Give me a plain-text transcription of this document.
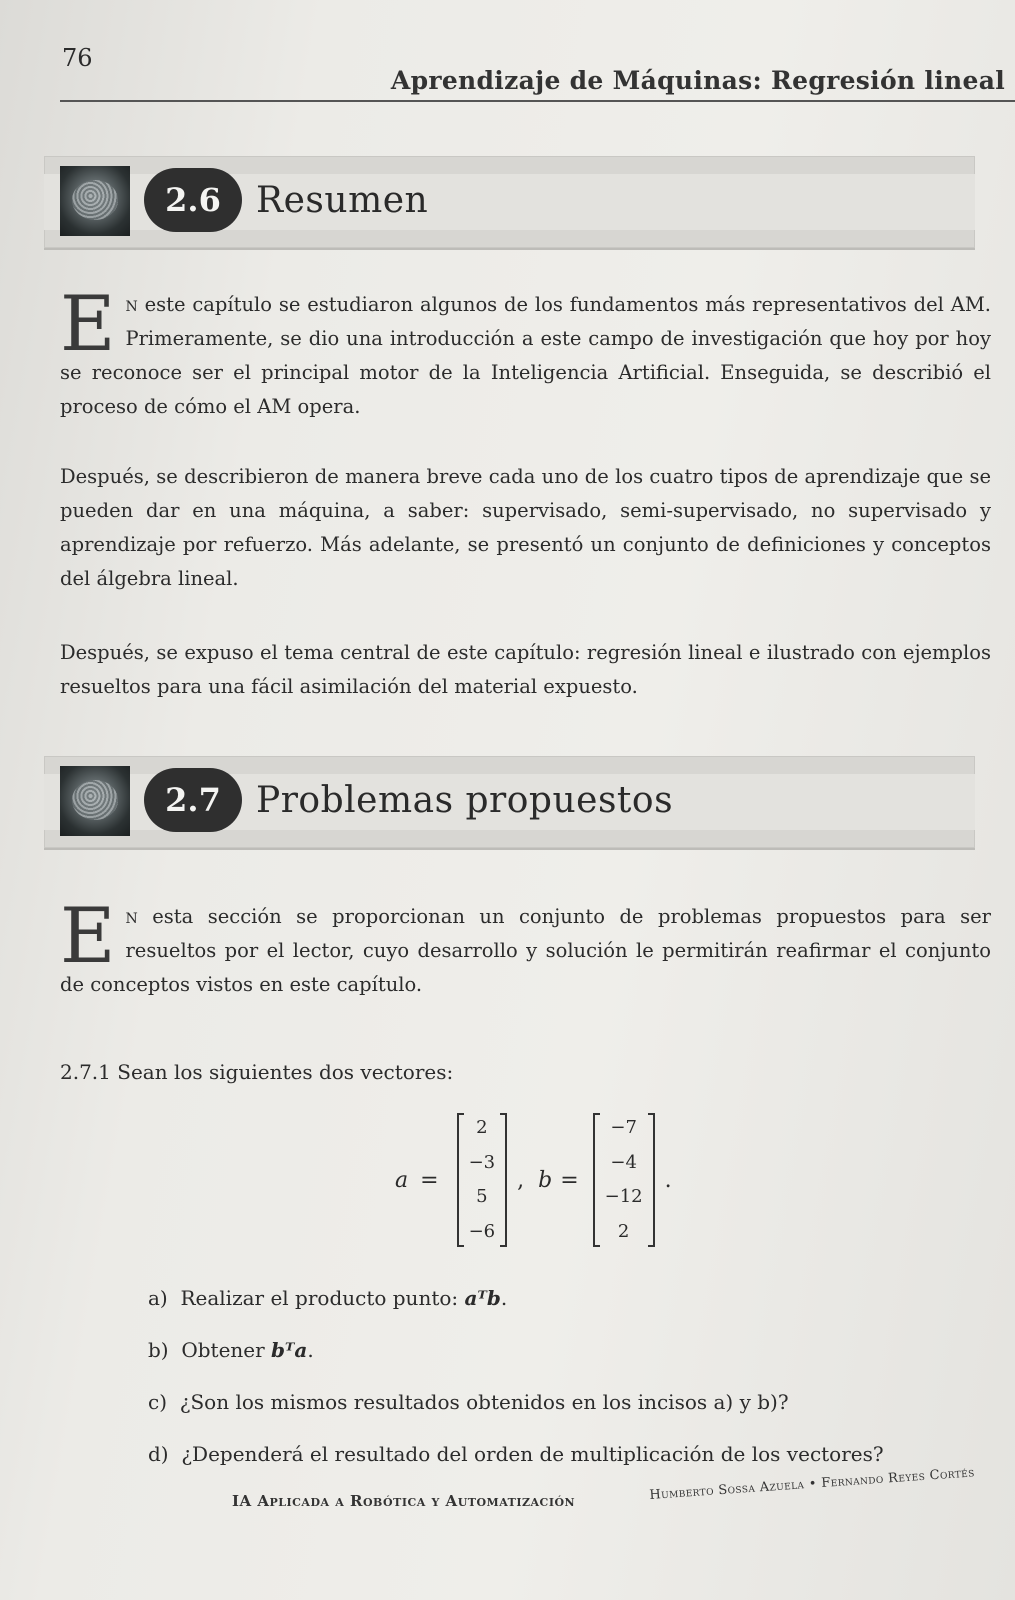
76
Aprendizaje de Máquinas: Regresión lineal
2.6 Resumen

En este capítulo se estudiaron algunos de los fundamentos más representativos del AM. Primeramente, se dio una introducción a este campo de investigación que hoy por hoy se reconoce ser el principal motor de la Inteligencia Artificial. Enseguida, se describió el proceso de cómo el AM opera.

Después, se describieron de manera breve cada uno de los cuatro tipos de aprendizaje que se pueden dar en una máquina, a saber: supervisado, semi-supervisado, no supervisado y aprendizaje por refuerzo. Más adelante, se presentó un conjunto de definiciones y conceptos del álgebra lineal.

Después, se expuso el tema central de este capítulo: regresión lineal e ilustrado con ejemplos resueltos para una fácil asimilación del material expuesto.

2.7 Problemas propuestos

En esta sección se proporcionan un conjunto de problemas propuestos para ser resueltos por el lector, cuyo desarrollo y solución le permitirán reafirmar el conjunto de conceptos vistos en este capítulo.

2.7.1 Sean los siguientes dos vectores:
a =
2
−3
5
−6
, b =
−7
−4
−12
2
.
a) Realizar el producto punto: aᵀb.
b) Obtener bᵀa.
c) ¿Son los mismos resultados obtenidos en los incisos a) y b)?
d) ¿Dependerá el resultado del orden de multiplicación de los vectores?
IA Aplicada a Robótica y Automatización	Humberto Sossa Azuela • Fernando Reyes Cortés
